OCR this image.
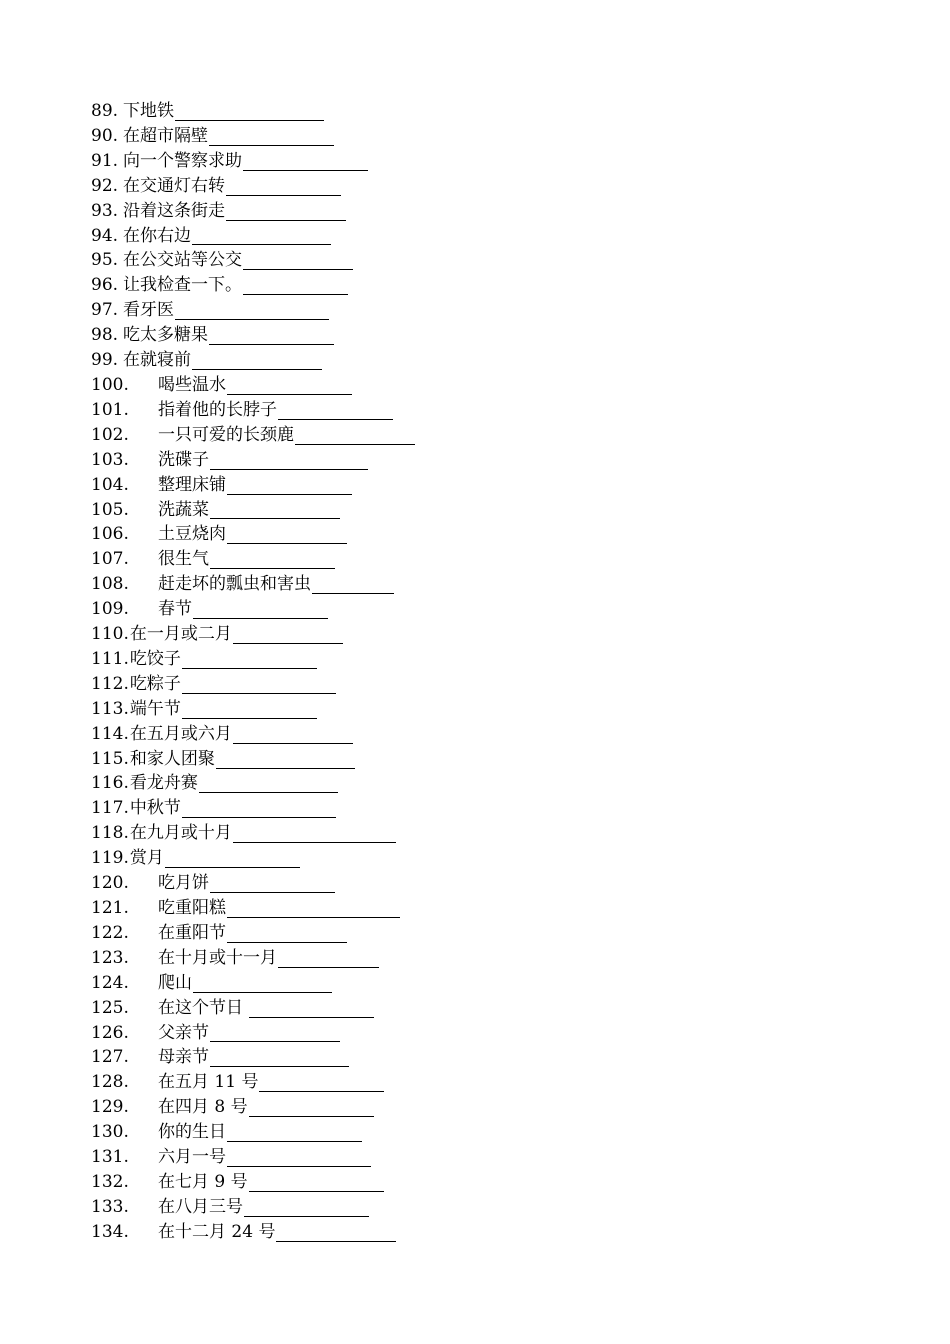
89. 下地铁
90. 在超市隔壁
91. 向一个警察求助
92. 在交通灯右转
93. 沿着这条街走
94. 在你右边
95. 在公交站等公交
96. 让我检查一下。
97. 看牙医
98. 吃太多糖果
99. 在就寝前
100.	喝些温水
101.	指着他的长脖子
102.	一只可爱的长颈鹿
103.	洗碟子
104.	整理床铺
105.	洗蔬菜
106.	土豆烧肉
107.	很生气
108.	赶走坏的瓢虫和害虫
109.	春节
110. 在一月或二月
111. 吃饺子
112. 吃粽子
113. 端午节
114. 在五月或六月
115. 和家人团聚
116. 看龙舟赛
117. 中秋节
118. 在九月或十月
119. 赏月
120.	吃月饼
121.	吃重阳糕
122.	在重阳节
123.	在十月或十一月
124.	爬山
125.	在这个节日
126.	父亲节
127.	母亲节
128.	在五月 11 号
129.	在四月 8 号
130.	你的生日
131.	六月一号
132.	在七月 9 号
133.	在八月三号
134.	在十二月 24 号
